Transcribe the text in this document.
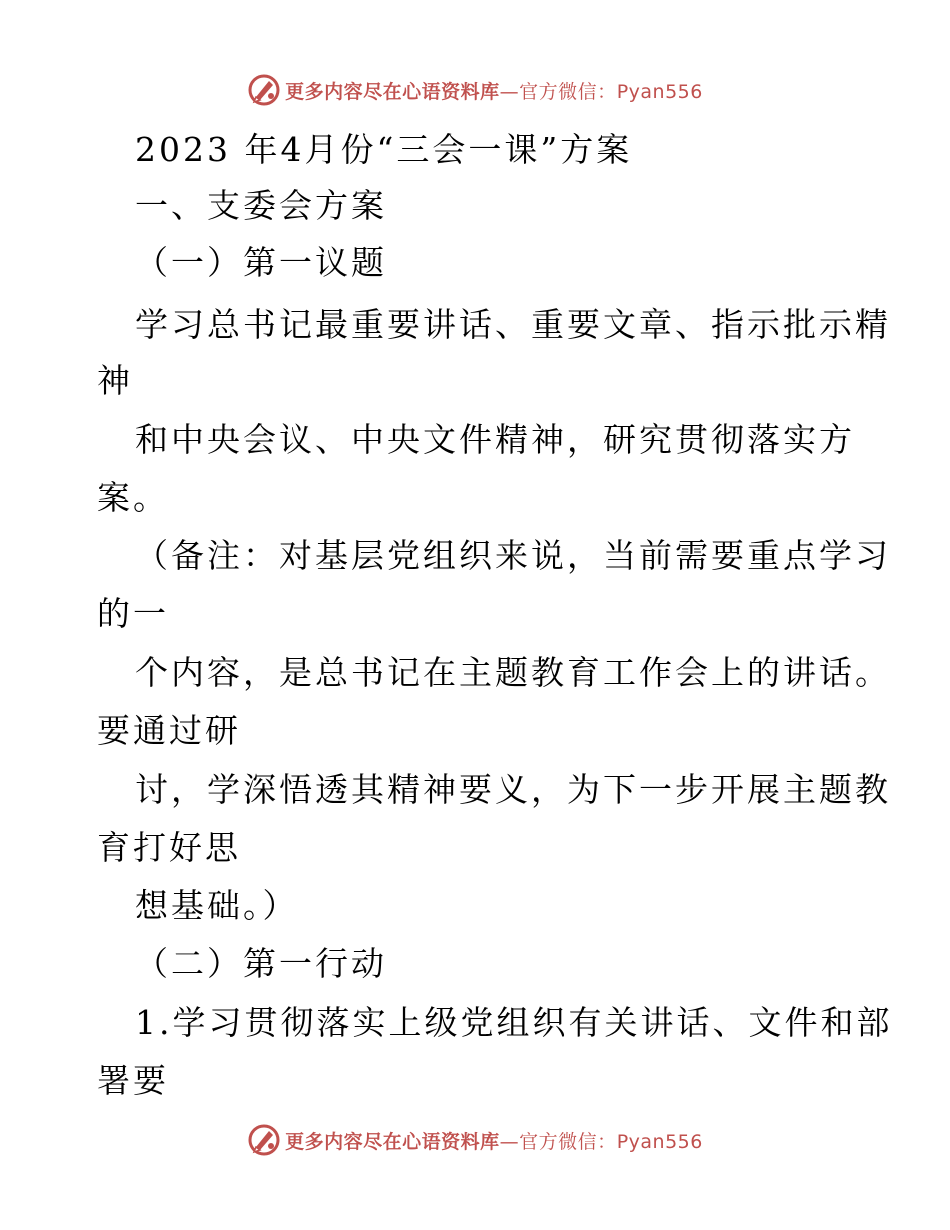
更多内容尽在心语资料库—官方微信：Pyan556
2023 年4月份“三会一课”方案
一、支委会方案
（一）第一议题
学习总书记最重要讲话、重要文章、指示批示精
神
和中央会议、中央文件精神，研究贯彻落实方
案。
（备注：对基层党组织来说，当前需要重点学习
的一
个内容，是总书记在主题教育工作会上的讲话。
要通过研
讨，学深悟透其精神要义，为下一步开展主题教
育打好思
想基础。）
（二）第一行动
1.学习贯彻落实上级党组织有关讲话、文件和部
署要
更多内容尽在心语资料库—官方微信：Pyan556
